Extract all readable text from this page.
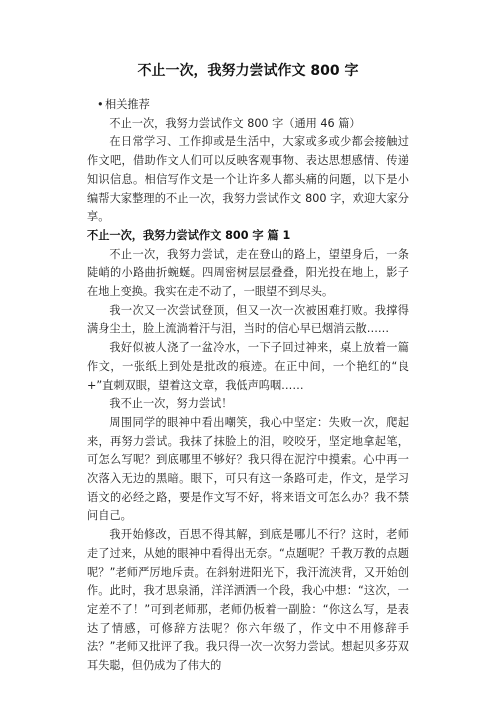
不止一次，我努力尝试作文 800 字

•相关推荐

不止一次，我努力尝试作文 800 字（通用 46 篇）

在日常学习、工作抑或是生活中，大家或多或少都会接触过作文吧，借助作文人们可以反映客观事物、表达思想感情、传递知识信息。相信写作文是一个让许多人都头痛的问题，以下是小编帮大家整理的不止一次，我努力尝试作文 800 字，欢迎大家分享。

不止一次，我努力尝试作文 800 字 篇 1

不止一次，我努力尝试，走在登山的路上，望望身后，一条陡峭的小路曲折蜿蜒。四周密树层层叠叠，阳光投在地上，影子在地上变换。我实在走不动了，一眼望不到尽头。

我一次又一次尝试登顶，但又一次一次被困难打败。我撑得满身尘土，脸上流淌着汗与泪，当时的信心早已烟消云散……

我好似被人浇了一盆冷水，一下子回过神来，桌上放着一篇作文，一张纸上到处是批改的痕迹。在正中间，一个艳红的“良+”直刺双眼，望着这文章，我低声呜咽……

我不止一次，努力尝试！

周围同学的眼神中看出嘲笑，我心中坚定：失败一次，爬起来，再努力尝试。我抹了抹脸上的泪，咬咬牙，坚定地拿起笔，可怎么写呢？到底哪里不够好？我只得在泥泞中摸索。心中再一次落入无边的黑暗。眼下，可只有这一条路可走，作文，是学习语文的必经之路，要是作文写不好，将来语文可怎么办？我不禁问自己。

我开始修改，百思不得其解，到底是哪儿不行？这时，老师走了过来，从她的眼神中看得出无奈。“点题呢？千教万教的点题呢？”老师严厉地斥责。在斜射进阳光下，我汗流浃背，又开始创作。此时，我才思泉涌，洋洋洒洒一个段，我心中想：“这次，一定差不了！”可到老师那，老师仍板着一副脸：“你这么写，是表达了情感，可修辞方法呢？你六年级了，作文中不用修辞手法？”老师又批评了我。我只得一次一次努力尝试。想起贝多芬双耳失聪，但仍成为了伟大的
